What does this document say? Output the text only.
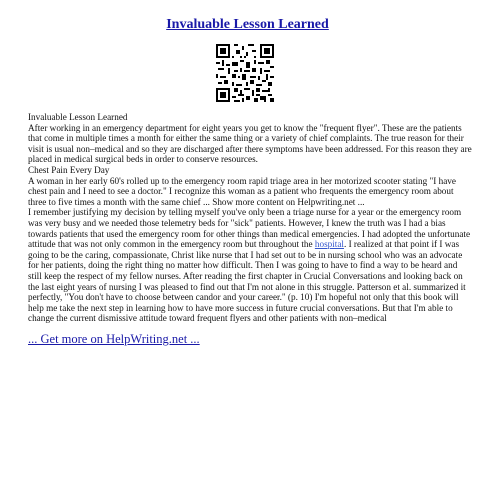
Invaluable Lesson Learned

Invaluable Lesson Learned

After working in an emergency department for eight years you get to know the "frequent flyer". These are the patients that come in multiple times a month for either the same thing or a variety of chief complaints. The true reason for their visit is usual non–medical and so they are discharged after there symptoms have been addressed. For this reason they are placed in medical surgical beds in order to conserve resources.

Chest Pain Every Day

A woman in her early 60's rolled up to the emergency room rapid triage area in her motorized scooter stating "I have chest pain and I need to see a doctor." I recognize this woman as a patient who frequents the emergency room about three to five times a month with the same chief ... Show more content on Helpwriting.net ...

I remember justifying my decision by telling myself you've only been a triage nurse for a year or the emergency room was very busy and we needed those telemetry beds for "sick" patients. However, I knew the truth was I had a bias towards patients that used the emergency room for other things than medical emergencies. I had adopted the unfortunate attitude that was not only common in the emergency room but throughout the hospital. I realized at that point if I was going to be the caring, compassionate, Christ like nurse that I had set out to be in nursing school who was an advocate for her patients, doing the right thing no matter how difficult. Then I was going to have to find a way to be heard and still keep the respect of my fellow nurses. After reading the first chapter in Crucial Conversations and looking back on the last eight years of nursing I was pleased to find out that I'm not alone in this struggle. Patterson et al. summarized it perfectly, "You don't have to choose between candor and your career." (p. 10) I'm hopeful not only that this book will help me take the next step in learning how to have more success in future crucial conversations. But that I'm able to change the current dismissive attitude toward frequent flyers and other patients with non–medical

... Get more on HelpWriting.net ...
